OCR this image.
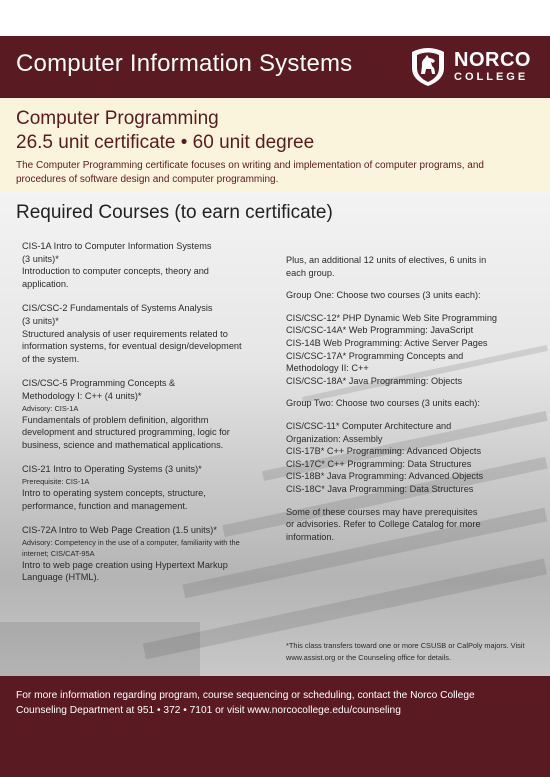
Computer Information Systems	NORCO
COLLEGE
Computer Programming
26.5 unit certificate • 60 unit degree
The Computer Programming certificate focuses on writing and implementation of computer programs, and procedures of software design and computer programming.
Required Courses (to earn certificate)
CIS-1A Intro to Computer Information Systems
(3 units)*
Introduction to computer concepts, theory and
application.
CIS/CSC-2 Fundamentals of Systems Analysis
(3 units)*
Structured analysis of user requirements related to
information systems, for eventual design/development
of the system.
CIS/CSC-5 Programming Concepts &
Methodology I: C++ (4 units)*
Advisory: CIS-1A
Fundamentals of problem definition, algorithm
development and structured programming, logic for
business, science and mathematical applications.
CIS-21 Intro to Operating Systems (3 units)*
Prerequisite: CIS-1A
Intro to operating system concepts, structure,
performance, function and management.
CIS-72A Intro to Web Page Creation (1.5 units)*
Advisory: Competency in the use of a computer, familiarity with the internet; CIS/CAT-95A
Intro to web page creation using Hypertext Markup
Language (HTML).
Plus, an additional 12 units of electives, 6 units in
each group.
Group One: Choose two courses (3 units each):
CIS/CSC-12* PHP Dynamic Web Site Programming
CIS/CSC-14A* Web Programming: JavaScript
CIS-14B Web Programming: Active Server Pages
CIS/CSC-17A* Programming Concepts and
Methodology II: C++
CIS/CSC-18A* Java Programming: Objects
Group Two: Choose two courses (3 units each):
CIS/CSC-11* Computer Architecture and
Organization: Assembly
CIS-17B* C++ Programming: Advanced Objects
CIS-17C* C++ Programming: Data Structures
CIS-18B* Java Programming: Advanced Objects
CIS-18C* Java Programming: Data Structures
Some of these courses may have prerequisites
or advisories. Refer to College Catalog for more
information.
*This class transfers toward one or more CSUSB or CalPoly majors. Visit
www.assist.org or the Counseling office for details.
For more information regarding program, course sequencing or scheduling, contact the Norco College
Counseling Department at 951 • 372 • 7101 or visit www.norcocollege.edu/counseling
